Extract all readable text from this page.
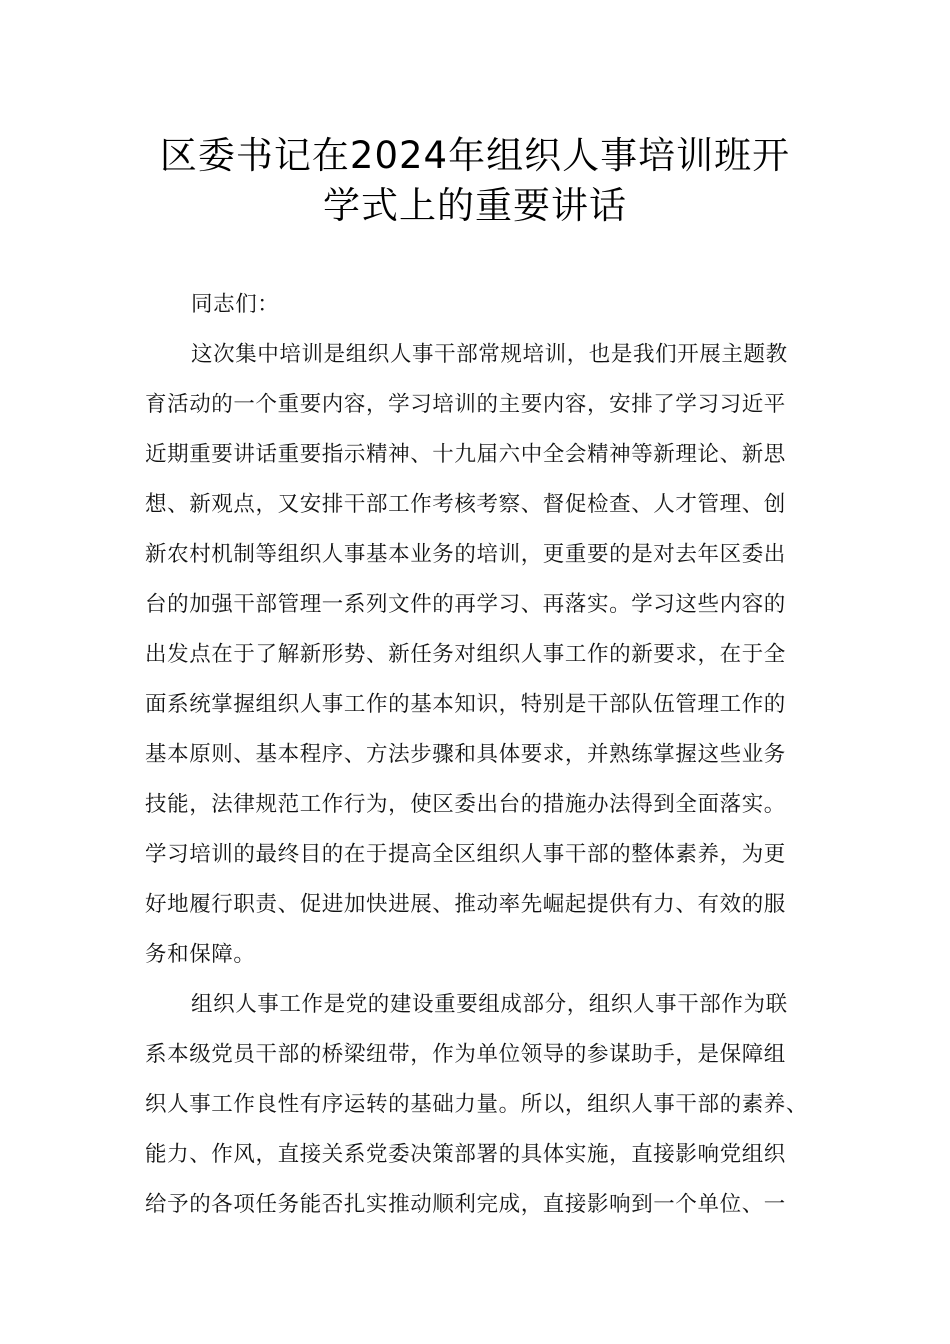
区委书记在2024年组织人事培训班开
学式上的重要讲话
同志们：
这次集中培训是组织人事干部常规培训，也是我们开展主题教
育活动的一个重要内容，学习培训的主要内容，安排了学习习近平
近期重要讲话重要指示精神、十九届六中全会精神等新理论、新思
想、新观点，又安排干部工作考核考察、督促检查、人才管理、创
新农村机制等组织人事基本业务的培训，更重要的是对去年区委出
台的加强干部管理一系列文件的再学习、再落实。学习这些内容的
出发点在于了解新形势、新任务对组织人事工作的新要求，在于全
面系统掌握组织人事工作的基本知识，特别是干部队伍管理工作的
基本原则、基本程序、方法步骤和具体要求，并熟练掌握这些业务
技能，法律规范工作行为，使区委出台的措施办法得到全面落实。
学习培训的最终目的在于提高全区组织人事干部的整体素养，为更
好地履行职责、促进加快进展、推动率先崛起提供有力、有效的服
务和保障。
组织人事工作是党的建设重要组成部分，组织人事干部作为联
系本级党员干部的桥梁纽带，作为单位领导的参谋助手，是保障组
织人事工作良性有序运转的基础力量。所以，组织人事干部的素养、
能力、作风，直接关系党委决策部署的具体实施，直接影响党组织
给予的各项任务能否扎实推动顺利完成，直接影响到一个单位、一
